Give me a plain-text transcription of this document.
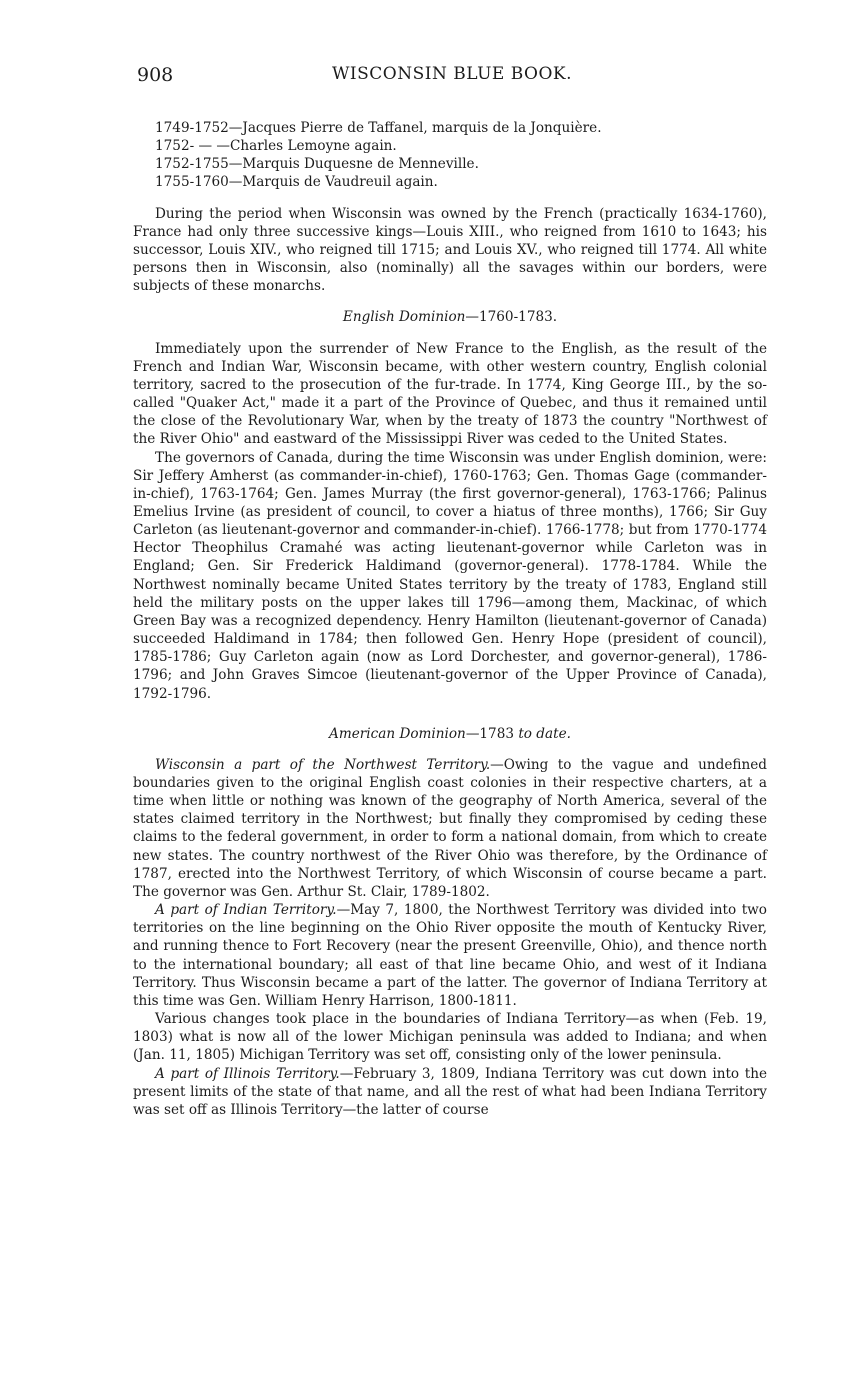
908	WISCONSIN BLUE BOOK.
1749-1752—Jacques Pierre de Taffanel, marquis de la Jonquière.
1752- — —Charles Lemoyne again.
1752-1755—Marquis Duquesne de Menneville.
1755-1760—Marquis de Vaudreuil again.

During the period when Wisconsin was owned by the French (practically 1634-1760), France had only three successive kings—Louis XIII., who reigned from 1610 to 1643; his successor, Louis XIV., who reigned till 1715; and Louis XV., who reigned till 1774. All white persons then in Wisconsin, also (nominally) all the savages within our borders, were subjects of these monarchs.

English Dominion—1760-1783.

Immediately upon the surrender of New France to the English, as the result of the French and Indian War, Wisconsin became, with other western country, English colonial territory, sacred to the prosecution of the fur-trade. In 1774, King George III., by the so-called "Quaker Act," made it a part of the Province of Quebec, and thus it remained until the close of the Revolutionary War, when by the treaty of 1873 the country "Northwest of the River Ohio" and eastward of the Mississippi River was ceded to the United States.

The governors of Canada, during the time Wisconsin was under English dominion, were: Sir Jeffery Amherst (as commander-in-chief), 1760-1763; Gen. Thomas Gage (commander-in-chief), 1763-1764; Gen. James Murray (the first governor-general), 1763-1766; Palinus Emelius Irvine (as president of council, to cover a hiatus of three months), 1766; Sir Guy Carleton (as lieutenant-governor and commander-in-chief). 1766-1778; but from 1770-1774 Hector Theophilus Cramahé was acting lieutenant-governor while Carleton was in England; Gen. Sir Frederick Haldimand (governor-general). 1778-1784. While the Northwest nominally became United States territory by the treaty of 1783, England still held the military posts on the upper lakes till 1796—among them, Mackinac, of which Green Bay was a recognized dependency. Henry Hamilton (lieutenant-governor of Canada) succeeded Haldimand in 1784; then followed Gen. Henry Hope (president of council), 1785-1786; Guy Carleton again (now as Lord Dorchester, and governor-general), 1786-1796; and John Graves Simcoe (lieutenant-governor of the Upper Province of Canada), 1792-1796.

American Dominion—1783 to date.

Wisconsin a part of the Northwest Territory.—Owing to the vague and undefined boundaries given to the original English coast colonies in their respective charters, at a time when little or nothing was known of the geography of North America, several of the states claimed territory in the Northwest; but finally they compromised by ceding these claims to the federal government, in order to form a national domain, from which to create new states. The country northwest of the River Ohio was therefore, by the Ordinance of 1787, erected into the Northwest Territory, of which Wisconsin of course became a part. The governor was Gen. Arthur St. Clair, 1789-1802.

A part of Indian Territory.—May 7, 1800, the Northwest Territory was divided into two territories on the line beginning on the Ohio River opposite the mouth of Kentucky River, and running thence to Fort Recovery (near the present Greenville, Ohio), and thence north to the international boundary; all east of that line became Ohio, and west of it Indiana Territory. Thus Wisconsin became a part of the latter. The governor of Indiana Territory at this time was Gen. William Henry Harrison, 1800-1811.

Various changes took place in the boundaries of Indiana Territory—as when (Feb. 19, 1803) what is now all of the lower Michigan peninsula was added to Indiana; and when (Jan. 11, 1805) Michigan Territory was set off, consisting only of the lower peninsula.

A part of Illinois Territory.—February 3, 1809, Indiana Territory was cut down into the present limits of the state of that name, and all the rest of what had been Indiana Territory was set off as Illinois Territory—the latter of course
